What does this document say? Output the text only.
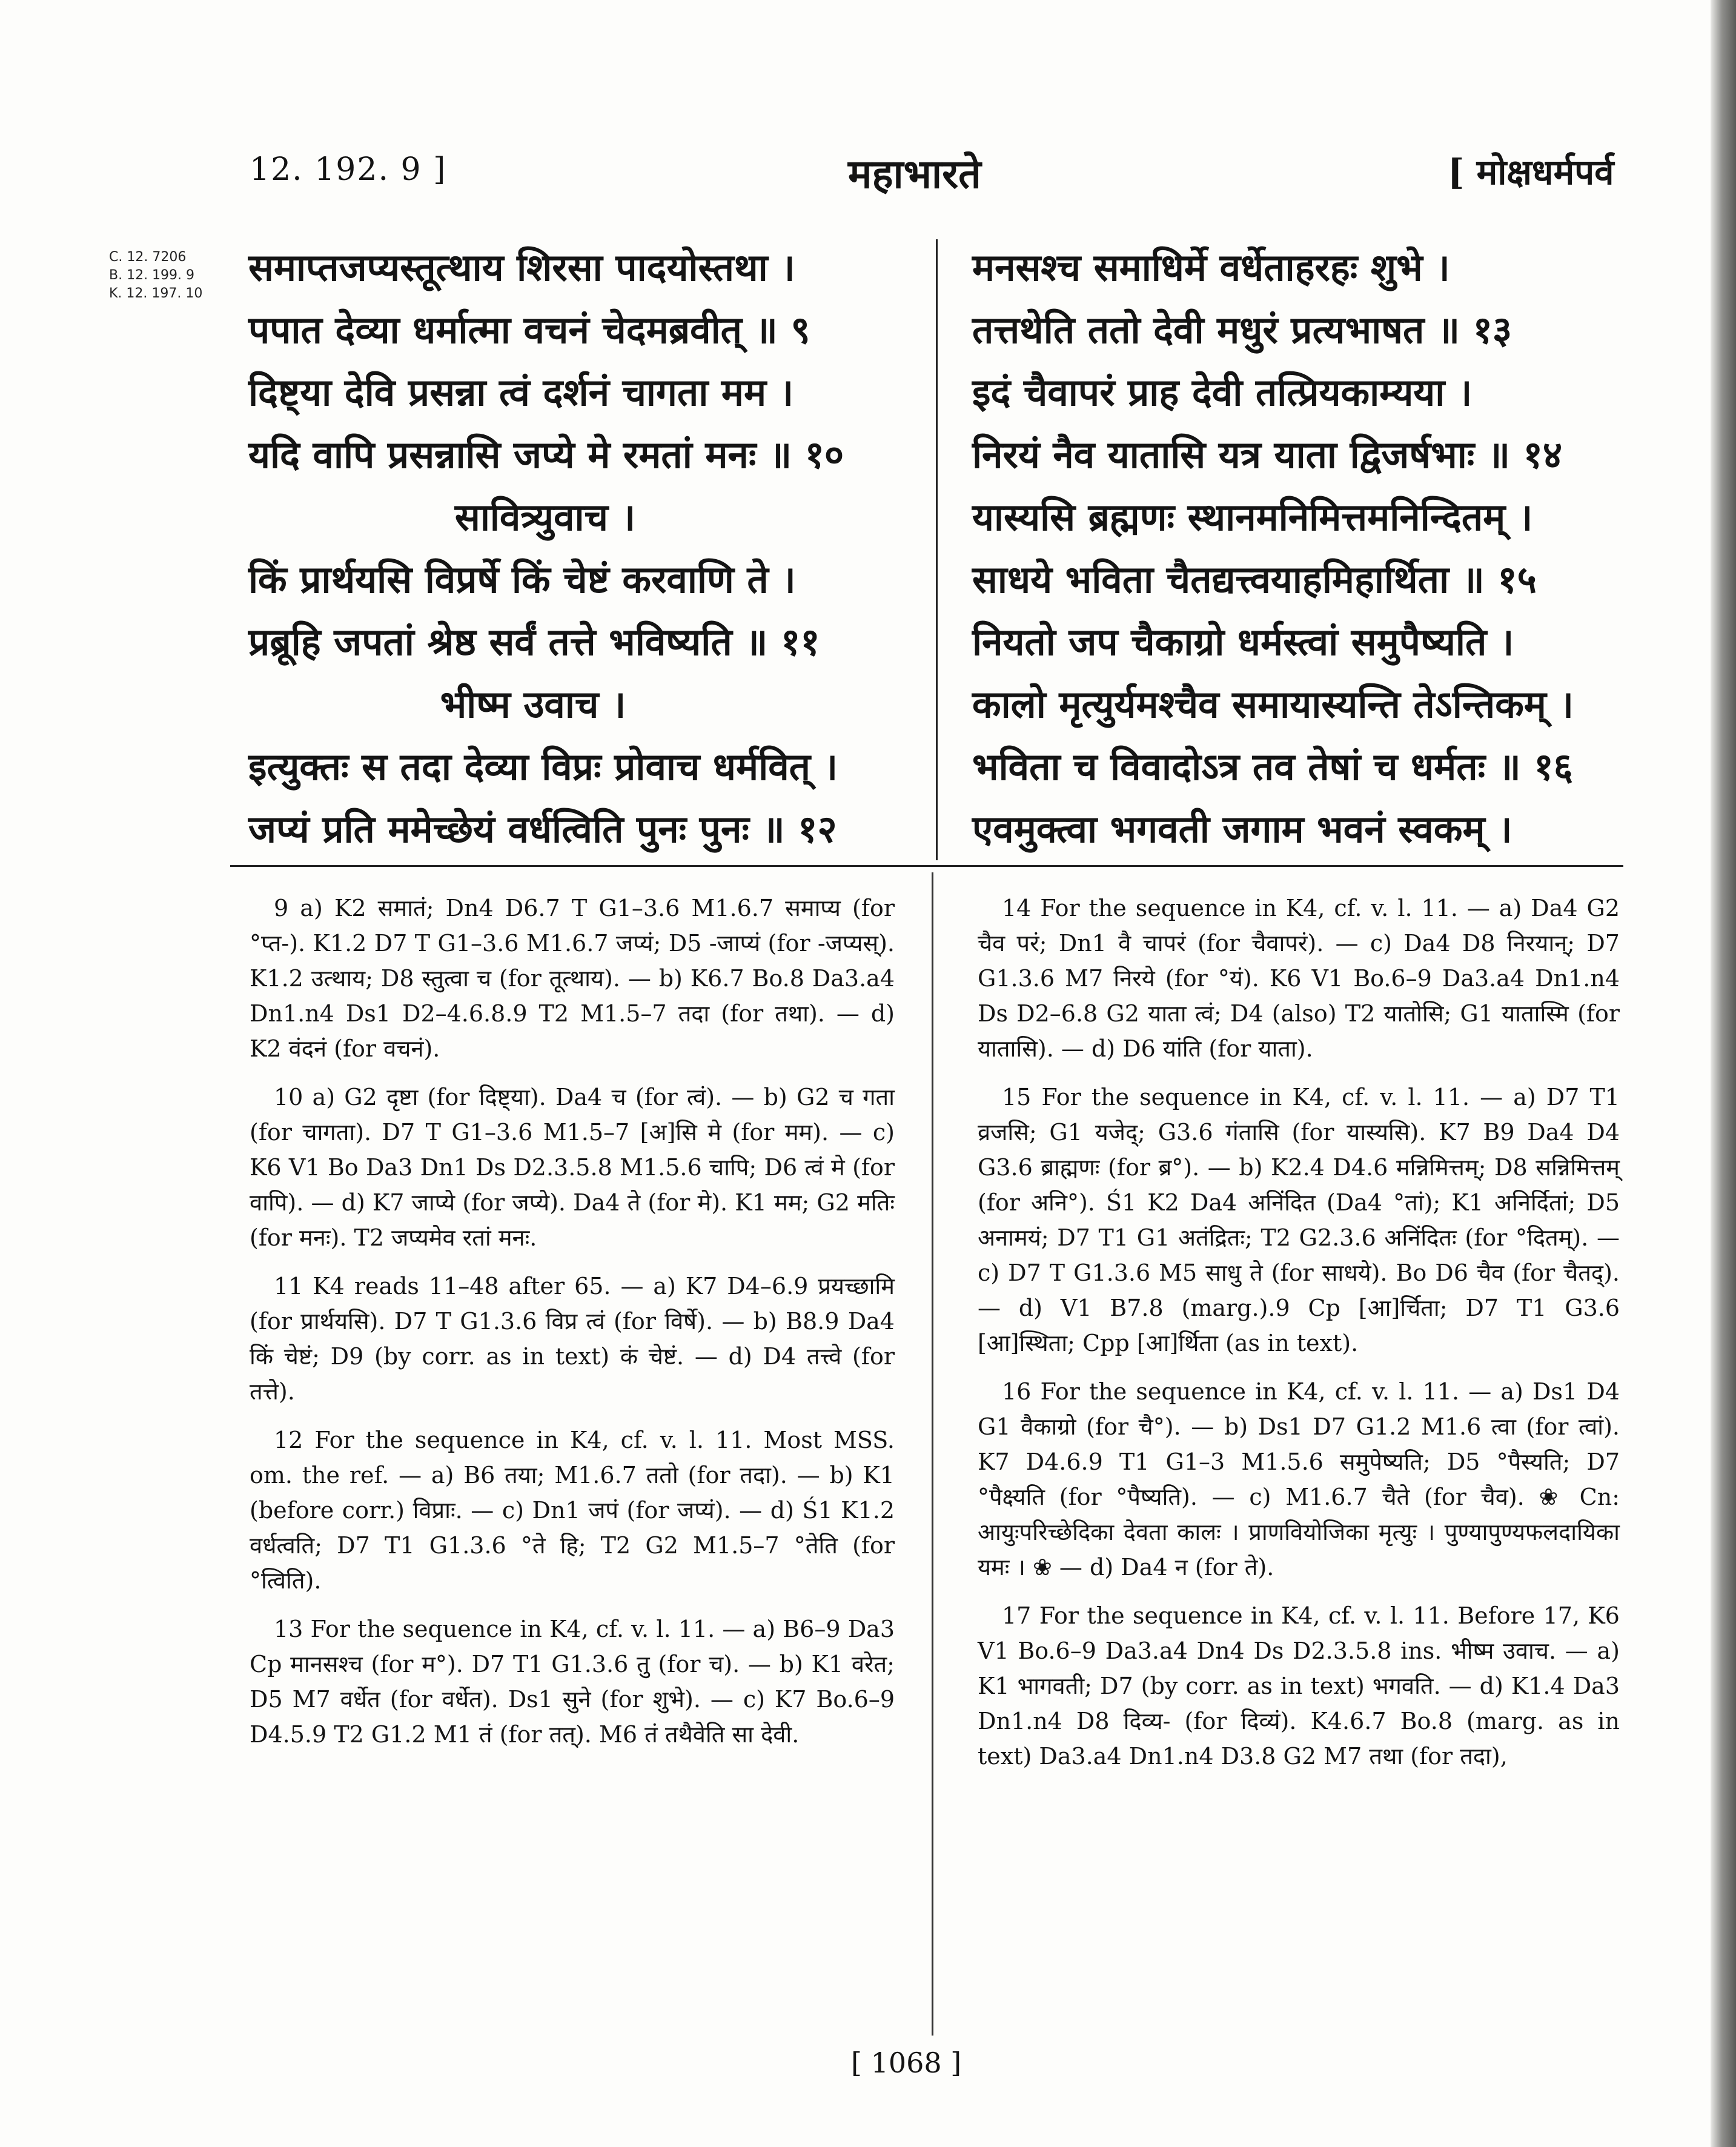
12. 192. 9 ]	महाभारते	[ मोक्षधर्मपर्व
C. 12. 7206
B. 12. 199. 9
K. 12. 197. 10
समाप्तजप्यस्तूत्थाय शिरसा पादयोस्तथा ।
पपात देव्या धर्मात्मा वचनं चेदमब्रवीत् ॥ ९
दिष्ट्या देवि प्रसन्ना त्वं दर्शनं चागता मम ।
यदि वापि प्रसन्नासि जप्ये मे रमतां मनः ॥ १०
सावित्र्युवाच ।
किं प्रार्थयसि विप्रर्षे किं चेष्टं करवाणि ते ।
प्रब्रूहि जपतां श्रेष्ठ सर्वं तत्ते भविष्यति ॥ ११
भीष्म उवाच ।
इत्युक्तः स तदा देव्या विप्रः प्रोवाच धर्मवित् ।
जप्यं प्रति ममेच्छेयं वर्धत्विति पुनः पुनः ॥ १२
मनसश्च समाधिर्मे वर्धेताहरहः शुभे ।
तत्तथेति ततो देवी मधुरं प्रत्यभाषत ॥ १३
इदं चैवापरं प्राह देवी तत्प्रियकाम्यया ।
निरयं नैव यातासि यत्र याता द्विजर्षभाः ॥ १४
यास्यसि ब्रह्मणः स्थानमनिमित्तमनिन्दितम् ।
साधये भविता चैतद्यत्त्वयाहमिहार्थिता ॥ १५
नियतो जप चैकाग्रो धर्मस्त्वां समुपैष्यति ।
कालो मृत्युर्यमश्चैव समायास्यन्ति तेऽन्तिकम् ।
भविता च विवादोऽत्र तव तेषां च धर्मतः ॥ १६
एवमुक्त्वा भगवती जगाम भवनं स्वकम् ।

9 a) K2 समातं; Dn4 D6.7 T G1–3.6 M1.6.7 समाप्य (for °प्त-). K1.2 D7 T G1–3.6 M1.6.7 जप्यं; D5 -जाप्यं (for -जप्यस्). K1.2 उत्थाय; D8 स्तुत्वा च (for तूत्थाय). — b) K6.7 Bo.8 Da3.a4 Dn1.n4 Ds1 D2–4.6.8.9 T2 M1.5–7 तदा (for तथा). — d) K2 वंदनं (for वचनं).

10 a) G2 दृष्टा (for दिष्ट्या). Da4 च (for त्वं). — b) G2 च गता (for चागता). D7 T G1–3.6 M1.5–7 [अ]सि मे (for मम). — c) K6 V1 Bo Da3 Dn1 Ds D2.3.5.8 M1.5.6 चापि; D6 त्वं मे (for वापि). — d) K7 जाप्ये (for जप्ये). Da4 ते (for मे). K1 मम; G2 मतिः (for मनः). T2 जप्यमेव रतां मनः.

11 K4 reads 11–48 after 65. — a) K7 D4–6.9 प्रयच्छामि (for प्रार्थयसि). D7 T G1.3.6 विप्र त्वं (for विर्षे). — b) B8.9 Da4 किं चेष्टं; D9 (by corr. as in text) कं चेष्टं. — d) D4 तत्त्वे (for तत्ते).

12 For the sequence in K4, cf. v. l. 11. Most MSS. om. the ref. — a) B6 तया; M1.6.7 ततो (for तदा). — b) K1 (before corr.) विप्राः. — c) Dn1 जपं (for जप्यं). — d) Ś1 K1.2 वर्धत्वति; D7 T1 G1.3.6 °ते हि; T2 G2 M1.5–7 °तेति (for °त्विति).

13 For the sequence in K4, cf. v. l. 11. — a) B6–9 Da3 Cp मानसश्च (for म°). D7 T1 G1.3.6 तु (for च). — b) K1 वरेत; D5 M7 वर्धेत (for वर्धेत). Ds1 सुने (for शुभे). — c) K7 Bo.6–9 D4.5.9 T2 G1.2 M1 तं (for तत्). M6 तं तथैवेति सा देवी.

14 For the sequence in K4, cf. v. l. 11. — a) Da4 G2 चैव परं; Dn1 वै चापरं (for चैवापरं). — c) Da4 D8 निरयान्; D7 G1.3.6 M7 निरये (for °यं). K6 V1 Bo.6–9 Da3.a4 Dn1.n4 Ds D2–6.8 G2 याता त्वं; D4 (also) T2 यातोसि; G1 यातास्मि (for यातासि). — d) D6 यांति (for याता).

15 For the sequence in K4, cf. v. l. 11. — a) D7 T1 व्रजसि; G1 यजेद्; G3.6 गंतासि (for यास्यसि). K7 B9 Da4 D4 G3.6 ब्राह्मणः (for ब्र°). — b) K2.4 D4.6 मन्निमित्तम्; D8 सन्निमित्तम् (for अनि°). Ś1 K2 Da4 अनिंदित (Da4 °तां); K1 अनिर्दितां; D5 अनामयं; D7 T1 G1 अतंद्रितः; T2 G2.3.6 अनिंदितः (for °दितम्). — c) D7 T G1.3.6 M5 साधु ते (for साधये). Bo D6 चैव (for चैतद्). — d) V1 B7.8 (marg.).9 Cp [आ]र्चिता; D7 T1 G3.6 [आ]स्थिता; Cpp [आ]र्थिता (as in text).

16 For the sequence in K4, cf. v. l. 11. — a) Ds1 D4 G1 वैकाग्रो (for चै°). — b) Ds1 D7 G1.2 M1.6 त्वा (for त्वां). K7 D4.6.9 T1 G1–3 M1.5.6 समुपेष्यति; D5 °पैस्यति; D7 °पैक्ष्यति (for °पैष्यति). — c) M1.6.7 चैते (for चैव). ❀ Cn: आयुःपरिच्छेदिका देवता कालः । प्राणवियोजिका मृत्युः । पुण्यापुण्यफलदायिका यमः । ❀ — d) Da4 न (for ते).

17 For the sequence in K4, cf. v. l. 11. Before 17, K6 V1 Bo.6–9 Da3.a4 Dn4 Ds D2.3.5.8 ins. भीष्म उवाच. — a) K1 भागवती; D7 (by corr. as in text) भगवति. — d) K1.4 Da3 Dn1.n4 D8 दिव्य- (for दिव्यं). K4.6.7 Bo.8 (marg. as in text) Da3.a4 Dn1.n4 D3.8 G2 M7 तथा (for तदा),

[ 1068 ]
